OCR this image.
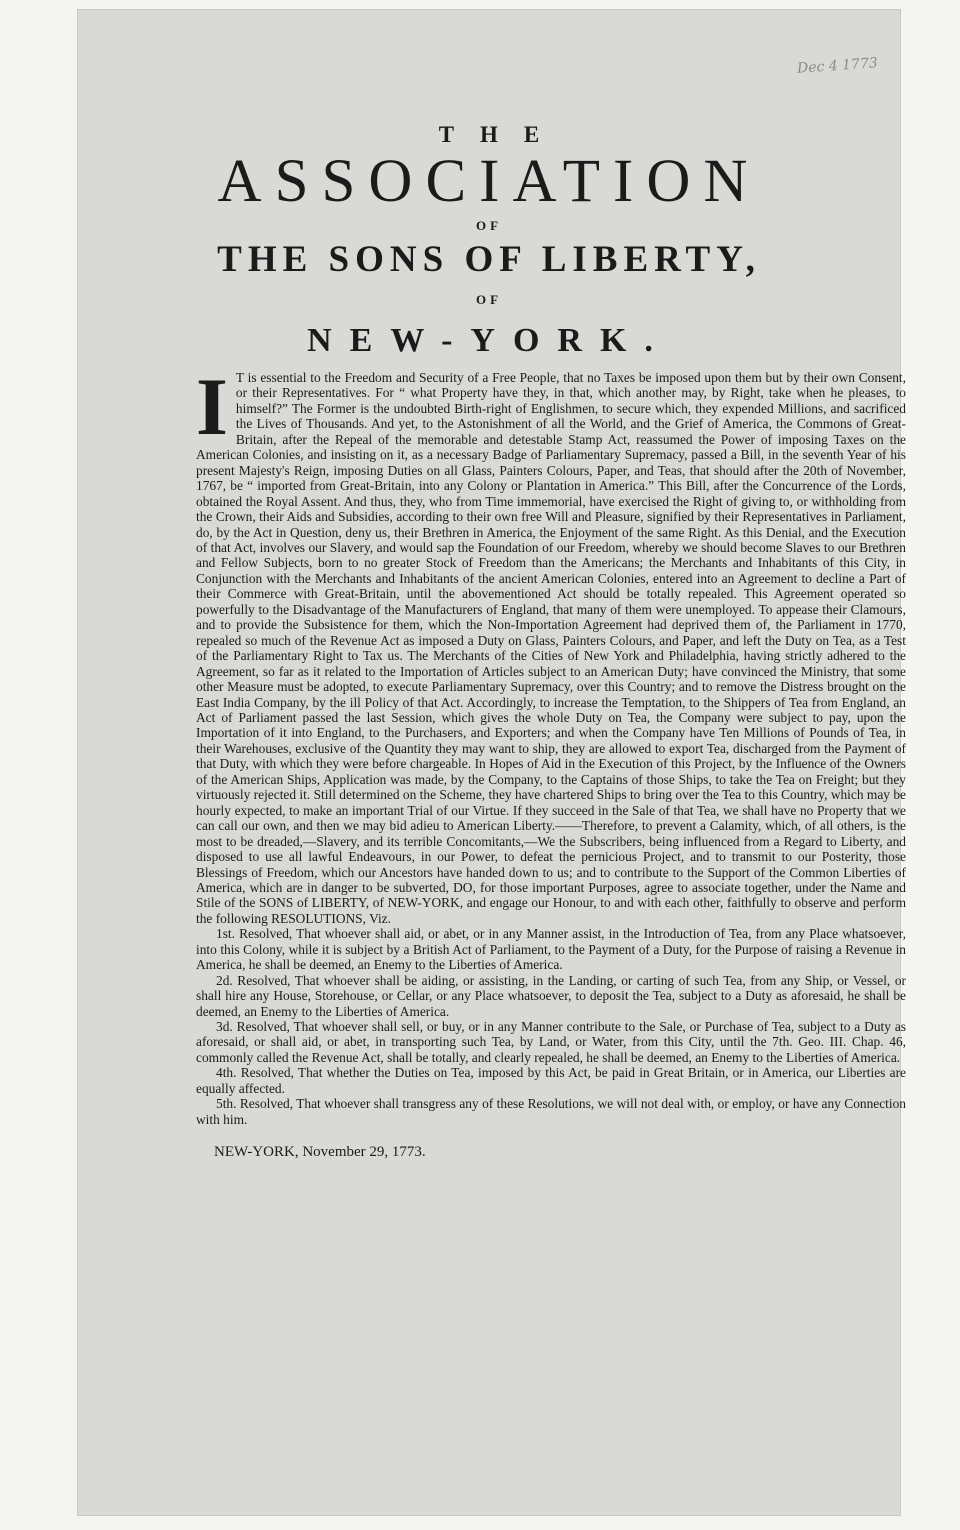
Dec 4 1773
THE
ASSOCIATION
OF
THE SONS OF LIBERTY,
OF
NEW-YORK.

I T is essential to the Freedom and Security of a Free People, that no Taxes be imposed upon them but by their own Consent, or their Representatives. For “ what Property have they, in that, which another may, by Right, take when he pleases, to himself?” The Former is the undoubted Birth-right of Englishmen, to secure which, they expended Millions, and sacrificed the Lives of Thousands. And yet, to the Astonishment of all the World, and the Grief of America, the Commons of Great-Britain, after the Repeal of the memorable and detestable Stamp Act, reassumed the Power of imposing Taxes on the American Colonies, and insisting on it, as a necessary Badge of Parliamentary Supremacy, passed a Bill, in the seventh Year of his present Majesty's Reign, imposing Duties on all Glass, Painters Colours, Paper, and Teas, that should after the 20th of November, 1767, be “ imported from Great-Britain, into any Colony or Plantation in America.” This Bill, after the Concurrence of the Lords, obtained the Royal Assent. And thus, they, who from Time immemorial, have exercised the Right of giving to, or withholding from the Crown, their Aids and Subsidies, according to their own free Will and Pleasure, signified by their Representatives in Parliament, do, by the Act in Question, deny us, their Brethren in America, the Enjoyment of the same Right. As this Denial, and the Execution of that Act, involves our Slavery, and would sap the Foundation of our Freedom, whereby we should become Slaves to our Brethren and Fellow Subjects, born to no greater Stock of Freedom than the Americans; the Merchants and Inhabitants of this City, in Conjunction with the Merchants and Inhabitants of the ancient American Colonies, entered into an Agreement to decline a Part of their Commerce with Great-Britain, until the abovementioned Act should be totally repealed. This Agreement operated so powerfully to the Disadvantage of the Manufacturers of England, that many of them were unemployed. To appease their Clamours, and to provide the Subsistence for them, which the Non-Importation Agreement had deprived them of, the Parliament in 1770, repealed so much of the Revenue Act as imposed a Duty on Glass, Painters Colours, and Paper, and left the Duty on Tea, as a Test of the Parliamentary Right to Tax us. The Merchants of the Cities of New York and Philadelphia, having strictly adhered to the Agreement, so far as it related to the Importation of Articles subject to an American Duty; have convinced the Ministry, that some other Measure must be adopted, to execute Parliamentary Supremacy, over this Country; and to remove the Distress brought on the East India Company, by the ill Policy of that Act. Accordingly, to increase the Temptation, to the Shippers of Tea from England, an Act of Parliament passed the last Session, which gives the whole Duty on Tea, the Company were subject to pay, upon the Importation of it into England, to the Purchasers, and Exporters; and when the Company have Ten Millions of Pounds of Tea, in their Warehouses, exclusive of the Quantity they may want to ship, they are allowed to export Tea, discharged from the Payment of that Duty, with which they were before chargeable. In Hopes of Aid in the Execution of this Project, by the Influence of the Owners of the American Ships, Application was made, by the Company, to the Captains of those Ships, to take the Tea on Freight; but they virtuously rejected it. Still determined on the Scheme, they have chartered Ships to bring over the Tea to this Country, which may be hourly expected, to make an important Trial of our Virtue. If they succeed in the Sale of that Tea, we shall have no Property that we can call our own, and then we may bid adieu to American Liberty.——Therefore, to prevent a Calamity, which, of all others, is the most to be dreaded,—Slavery, and its terrible Concomitants,—We the Subscribers, being influenced from a Regard to Liberty, and disposed to use all lawful Endeavours, in our Power, to defeat the pernicious Project, and to transmit to our Posterity, those Blessings of Freedom, which our Ancestors have handed down to us; and to contribute to the Support of the Common Liberties of America, which are in danger to be subverted, DO, for those important Purposes, agree to associate together, under the Name and Stile of the SONS of LIBERTY, of NEW-YORK, and engage our Honour, to and with each other, faithfully to observe and perform the following RESOLUTIONS, Viz.

1st. Resolved, That whoever shall aid, or abet, or in any Manner assist, in the Introduction of Tea, from any Place whatsoever, into this Colony, while it is subject by a British Act of Parliament, to the Payment of a Duty, for the Purpose of raising a Revenue in America, he shall be deemed, an Enemy to the Liberties of America.
2d. Resolved, That whoever shall be aiding, or assisting, in the Landing, or carting of such Tea, from any Ship, or Vessel, or shall hire any House, Storehouse, or Cellar, or any Place whatsoever, to deposit the Tea, subject to a Duty as aforesaid, he shall be deemed, an Enemy to the Liberties of America.
3d. Resolved, That whoever shall sell, or buy, or in any Manner contribute to the Sale, or Purchase of Tea, subject to a Duty as aforesaid, or shall aid, or abet, in transporting such Tea, by Land, or Water, from this City, until the 7th. Geo. III. Chap. 46, commonly called the Revenue Act, shall be totally, and clearly repealed, he shall be deemed, an Enemy to the Liberties of America.
4th. Resolved, That whether the Duties on Tea, imposed by this Act, be paid in Great Britain, or in America, our Liberties are equally affected.
5th. Resolved, That whoever shall transgress any of these Resolutions, we will not deal with, or employ, or have any Connection with him.
NEW-YORK, November 29, 1773.
